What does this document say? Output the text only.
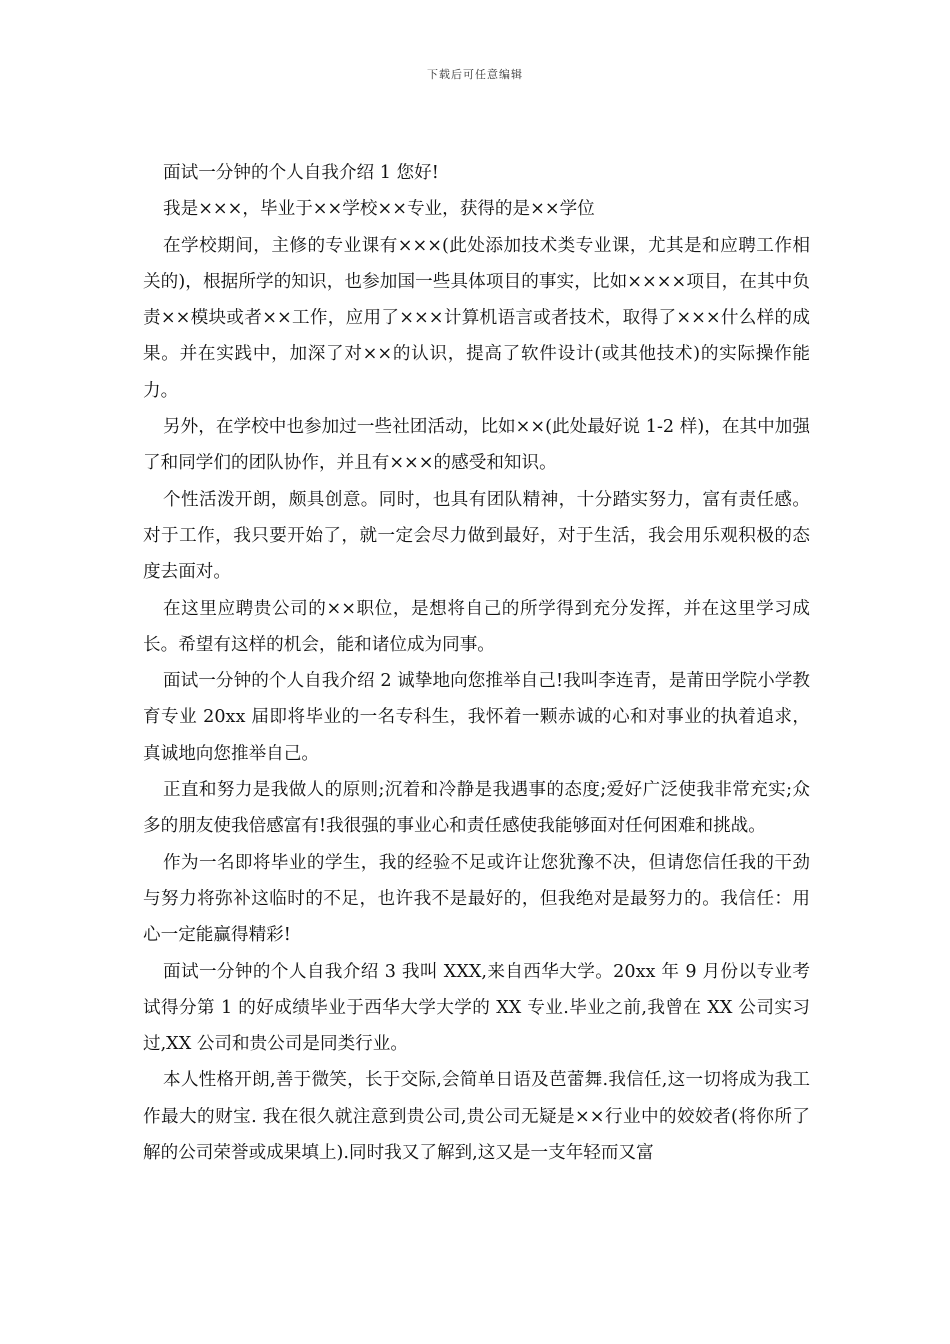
下载后可任意编辑

面试一分钟的个人自我介绍 1 您好!

我是×××，毕业于××学校××专业，获得的是××学位

在学校期间，主修的专业课有×××(此处添加技术类专业课，尤其是和应聘工作相关的)，根据所学的知识，也参加国一些具体项目的事实，比如××××项目，在其中负责××模块或者××工作，应用了×××计算机语言或者技术，取得了×××什么样的成果。并在实践中，加深了对××的认识，提高了软件设计(或其他技术)的实际操作能力。

另外，在学校中也参加过一些社团活动，比如××(此处最好说 1-2 样)，在其中加强了和同学们的团队协作，并且有×××的感受和知识。

个性活泼开朗，颇具创意。同时，也具有团队精神，十分踏实努力，富有责任感。对于工作，我只要开始了，就一定会尽力做到最好，对于生活，我会用乐观积极的态度去面对。

在这里应聘贵公司的××职位，是想将自己的所学得到充分发挥，并在这里学习成长。希望有这样的机会，能和诸位成为同事。

面试一分钟的个人自我介绍 2 诚挚地向您推举自己!我叫李连青，是莆田学院小学教育专业 20xx 届即将毕业的一名专科生，我怀着一颗赤诚的心和对事业的执着追求，真诚地向您推举自己。

正直和努力是我做人的原则;沉着和冷静是我遇事的态度;爱好广泛使我非常充实;众多的朋友使我倍感富有!我很强的事业心和责任感使我能够面对任何困难和挑战。

作为一名即将毕业的学生，我的经验不足或许让您犹豫不决，但请您信任我的干劲与努力将弥补这临时的不足，也许我不是最好的，但我绝对是最努力的。我信任：用心一定能赢得精彩!

面试一分钟的个人自我介绍 3 我叫 XXX,来自西华大学。20xx 年 9 月份以专业考试得分第 1 的好成绩毕业于西华大学大学的 XX 专业.毕业之前,我曾在 XX 公司实习过,XX 公司和贵公司是同类行业。

本人性格开朗,善于微笑，长于交际,会简单日语及芭蕾舞.我信任,这一切将成为我工作最大的财宝. 我在很久就注意到贵公司,贵公司无疑是××行业中的姣姣者(将你所了解的公司荣誉或成果填上).同时我又了解到,这又是一支年轻而又富
